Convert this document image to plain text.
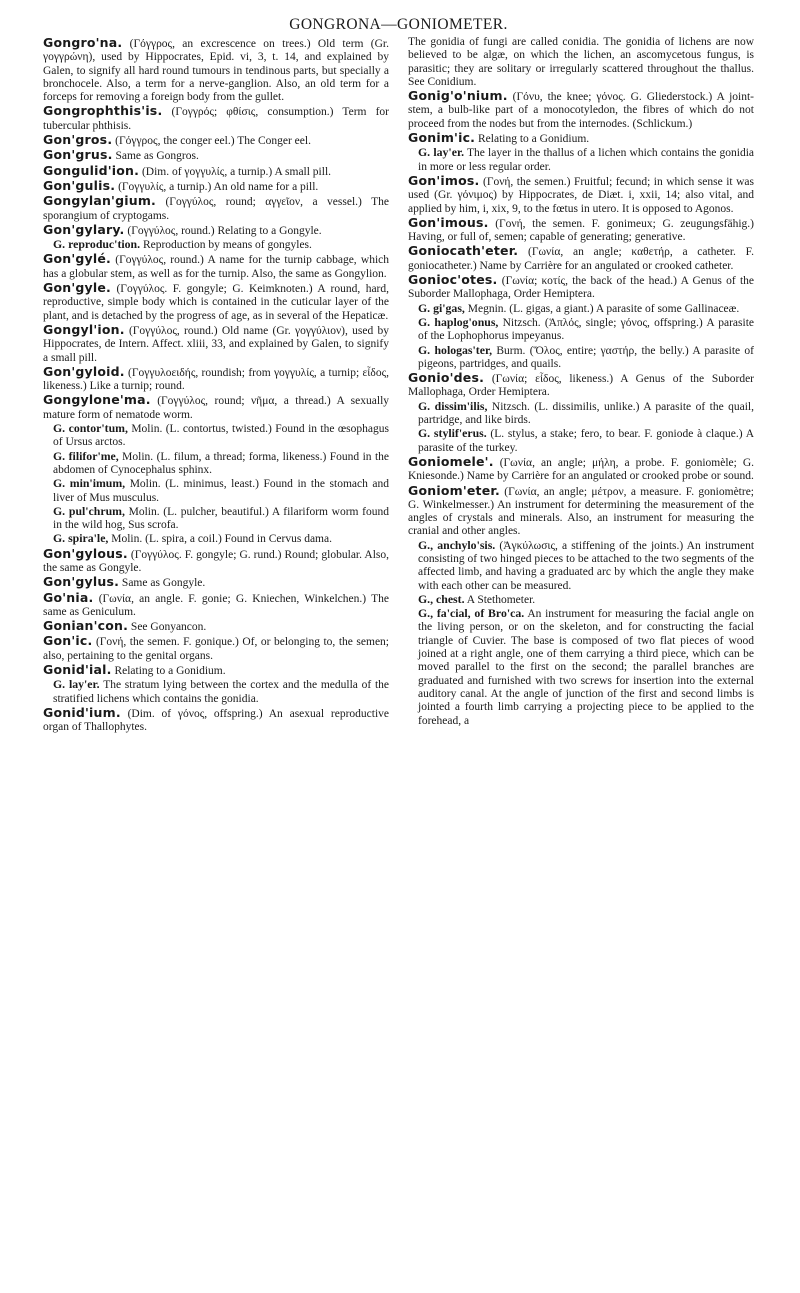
GONGRONA—GONIOMETER.

Gongro'na. (Γόγγρος, an excrescence on trees.) Old term (Gr. γογγρώνη), used by Hippocrates, Epid. vi, 3, t. 14, and explained by Galen, to signify all hard round tumours in tendinous parts, but specially a bronchocele. Also, a term for a nerve-ganglion. Also, an old term for a forceps for removing a foreign body from the gullet.

Gongrophthis'is. (Γογγρός; φθίσις, consumption.) Term for tubercular phthisis.

Gon'gros. (Γόγγρος, the conger eel.) The Conger eel.

Gon'grus. Same as Gongros.

Gongulid'ion. (Dim. of γογγυλίς, a turnip.) A small pill.

Gon'gulis. (Γογγυλίς, a turnip.) An old name for a pill.

Gongylan'gium. (Γογγύλος, round; αγγεῖον, a vessel.) The sporangium of cryptogams.

Gon'gylary. (Γογγύλος, round.) Relating to a Gongyle.

G. reproduc'tion. Reproduction by means of gongyles.

Gon'gylé. (Γογγύλος, round.) A name for the turnip cabbage, which has a globular stem, as well as for the turnip. Also, the same as Gongylion.

Gon'gyle. (Γογγύλος. F. gongyle; G. Keimknoten.) A round, hard, reproductive, simple body which is contained in the cuticular layer of the plant, and is detached by the progress of age, as in several of the Hepaticæ.

Gongyl'ion. (Γογγύλος, round.) Old name (Gr. γογγύλιον), used by Hippocrates, de Intern. Affect. xliii, 33, and explained by Galen, to signify a small pill.

Gon'gyloid. (Γογγυλοειδής, roundish; from γογγυλίς, a turnip; εἶδος, likeness.) Like a turnip; round.

Gongylone'ma. (Γογγύλος, round; νῆμα, a thread.) A sexually mature form of nematode worm.

G. contor'tum, Molin. (L. contortus, twisted.) Found in the œsophagus of Ursus arctos.

G. filifor'me, Molin. (L. filum, a thread; forma, likeness.) Found in the abdomen of Cynocephalus sphinx.

G. min'imum, Molin. (L. minimus, least.) Found in the stomach and liver of Mus musculus.

G. pul'chrum, Molin. (L. pulcher, beautiful.) A filariform worm found in the wild hog, Sus scrofa.

G. spira'le, Molin. (L. spira, a coil.) Found in Cervus dama.

Gon'gylous. (Γογγύλος. F. gongyle; G. rund.) Round; globular. Also, the same as Gongyle.

Gon'gylus. Same as Gongyle.

Go'nia. (Γωνία, an angle. F. gonie; G. Kniechen, Winkelchen.) The same as Geniculum.

Gonian'con. See Gonyancon.

Gon'ic. (Γονή, the semen. F. gonique.) Of, or belonging to, the semen; also, pertaining to the genital organs.

Gonid'ial. Relating to a Gonidium.

G. lay'er. The stratum lying between the cortex and the medulla of the stratified lichens which contains the gonidia.

Gonid'ium. (Dim. of γόνος, offspring.) An asexual reproductive organ of Thallophytes.

The gonidia of fungi are called conidia. The gonidia of lichens are now believed to be algæ, on which the lichen, an ascomycetous fungus, is parasitic; they are solitary or irregularly scattered throughout the thallus. See Conidium.

Gonig'o'nium. (Γόνυ, the knee; γόνος. G. Gliederstock.) A joint-stem, a bulb-like part of a monocotyledon, the fibres of which do not proceed from the nodes but from the internodes. (Schlickum.)

Gonim'ic. Relating to a Gonidium.

G. lay'er. The layer in the thallus of a lichen which contains the gonidia in more or less regular order.

Gon'imos. (Γονή, the semen.) Fruitful; fecund; in which sense it was used (Gr. γόνιμος) by Hippocrates, de Diæt. i, xxii, 14; also vital, and applied by him, i, xix, 9, to the fœtus in utero. It is opposed to Agonos.

Gon'imous. (Γονή, the semen. F. gonimeux; G. zeugungsfähig.) Having, or full of, semen; capable of generating; generative.

Goniocath'eter. (Γωνία, an angle; καθετήρ, a catheter. F. goniocatheter.) Name by Carrière for an angulated or crooked catheter.

Gonioc'otes. (Γωνία; κοτίς, the back of the head.) A Genus of the Suborder Mallophaga, Order Hemiptera.

G. gi'gas, Megnin. (L. gigas, a giant.) A parasite of some Gallinaceæ.

G. haplog'onus, Nitzsch. (Ἁπλός, single; γόνος, offspring.) A parasite of the Lophophorus impeyanus.

G. hologas'ter, Burm. (Ὅλος, entire; γαστήρ, the belly.) A parasite of pigeons, partridges, and quails.

Gonio'des. (Γωνία; εἶδος, likeness.) A Genus of the Suborder Mallophaga, Order Hemiptera.

G. dissim'ilis, Nitzsch. (L. dissimilis, unlike.) A parasite of the quail, partridge, and like birds.

G. stylif'erus. (L. stylus, a stake; fero, to bear. F. goniode à claque.) A parasite of the turkey.

Goniomele'. (Γωνία, an angle; μήλη, a probe. F. goniomèle; G. Kniesonde.) Name by Carrière for an angulated or crooked probe or sound.

Goniom'eter. (Γωνία, an angle; μέτρον, a measure. F. goniomètre; G. Winkelmesser.) An instrument for determining the measurement of the angles of crystals and minerals. Also, an instrument for measuring the cranial and other angles.

G., anchylo'sis. (Ἀγκύλωσις, a stiffening of the joints.) An instrument consisting of two hinged pieces to be attached to the two segments of the affected limb, and having a graduated arc by which the angle they make with each other can be measured.

G., chest. A Stethometer.

G., fa'cial, of Bro'ca. An instrument for measuring the facial angle on the living person, or on the skeleton, and for constructing the facial triangle of Cuvier. The base is composed of two flat pieces of wood joined at a right angle, one of them carrying a third piece, which can be moved parallel to the first on the second; the parallel branches are graduated and furnished with two screws for insertion into the external auditory canal. At the angle of junction of the first and second limbs is jointed a fourth limb carrying a projecting piece to be applied to the forehead, a
